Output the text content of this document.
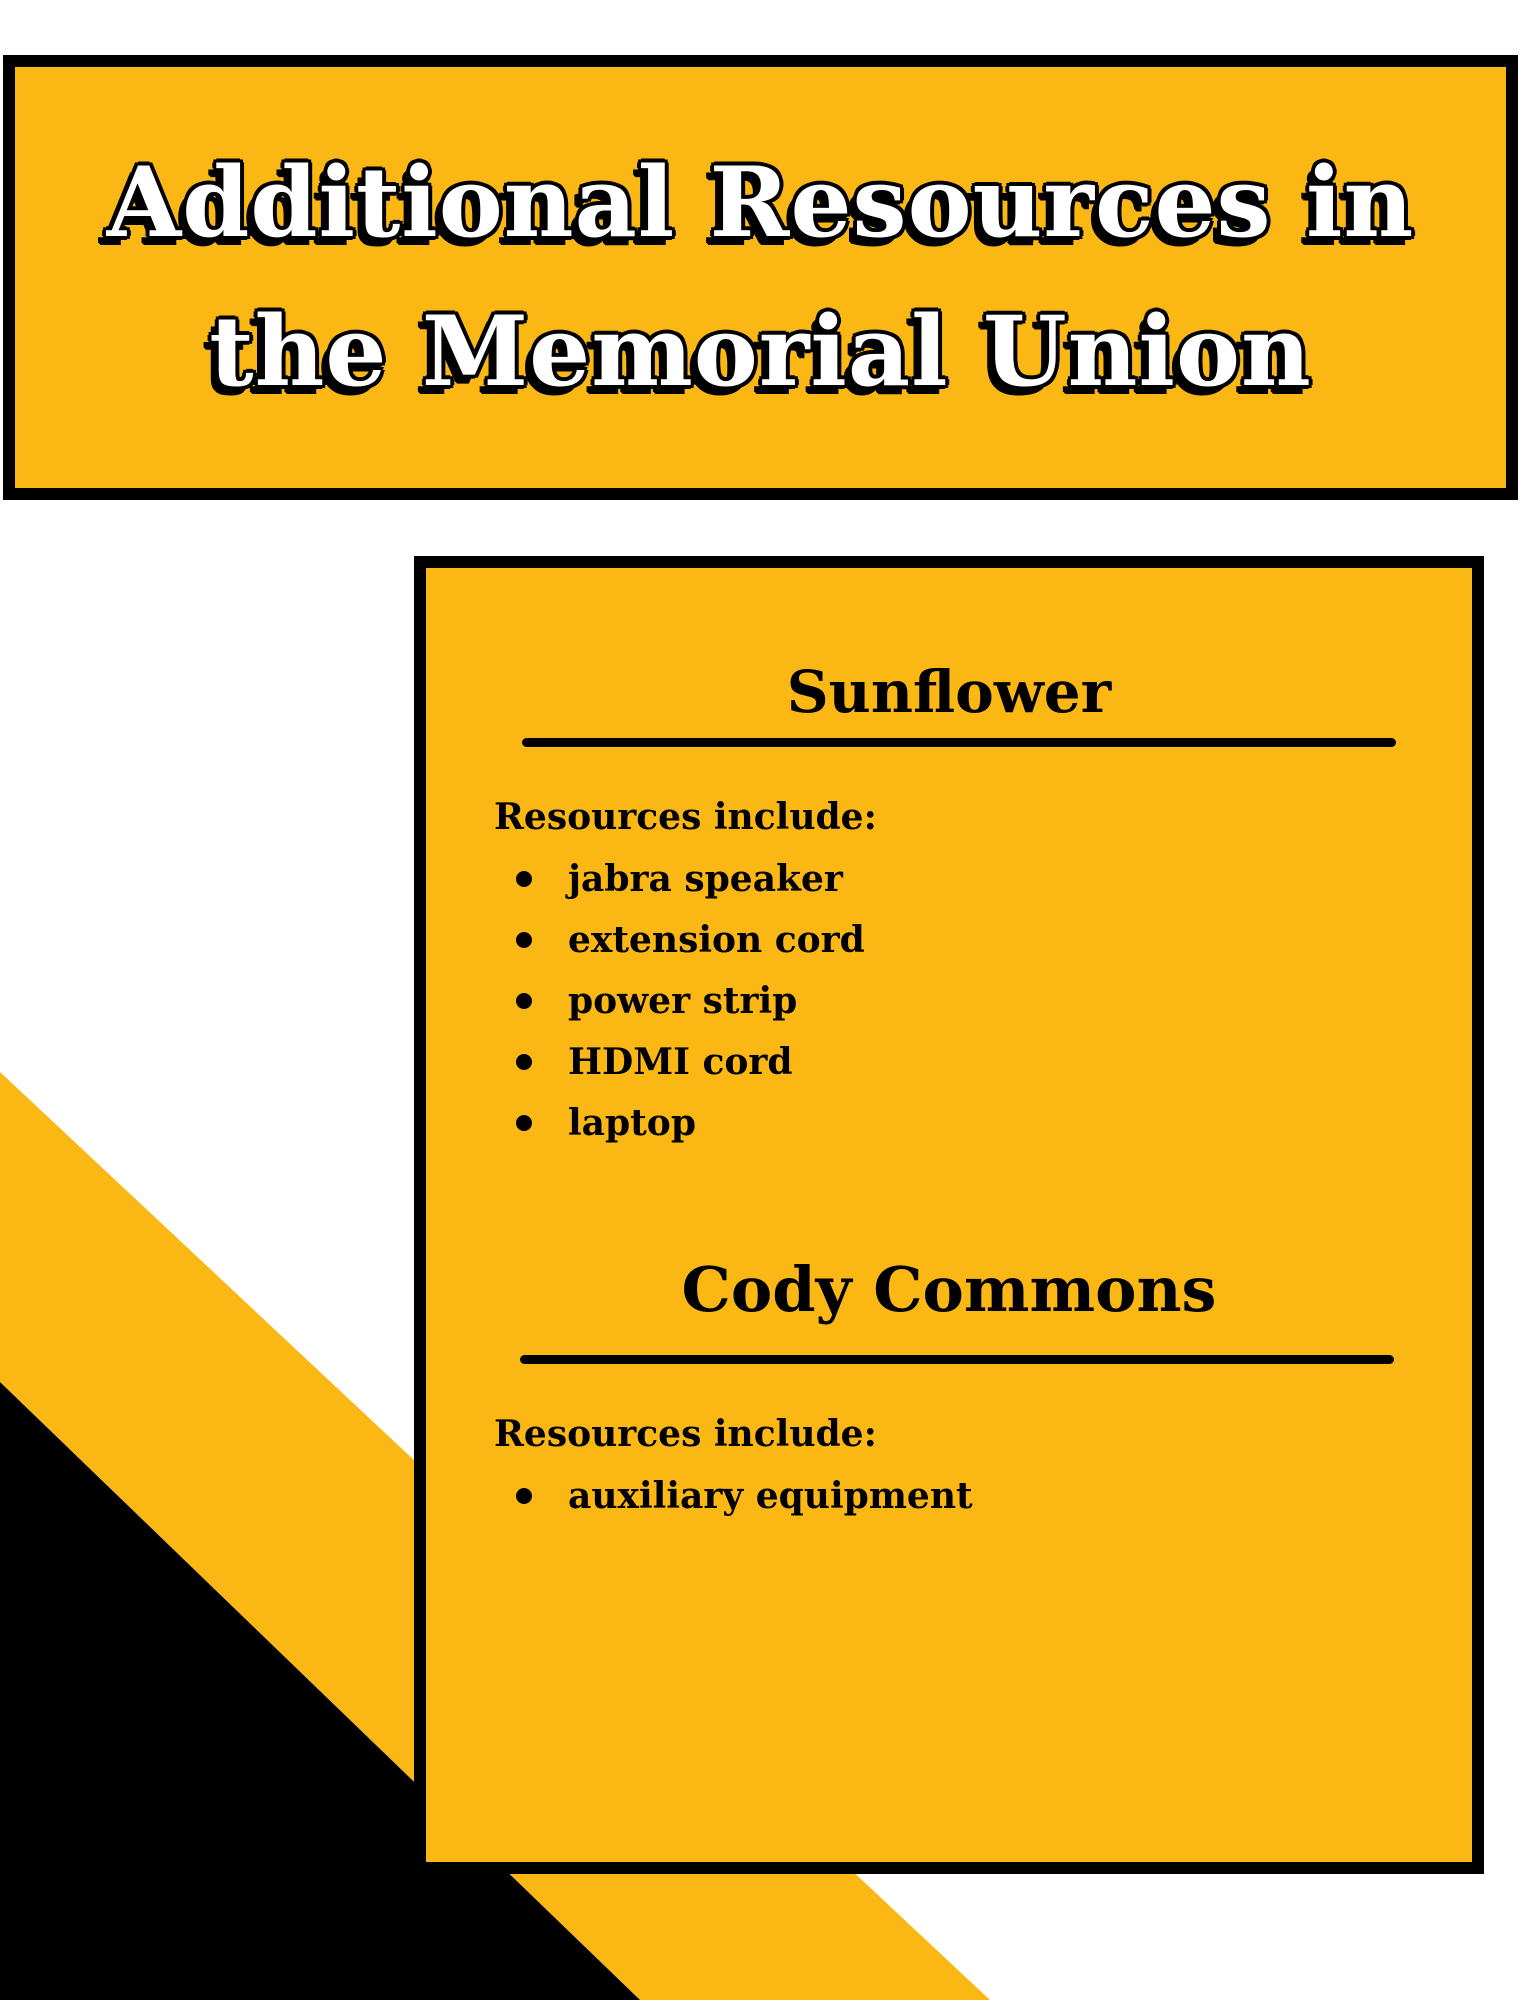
Additional Resources in
the Memorial Union
Sunflower
Resources include:
jabra speaker
extension cord
power strip
HDMI cord
laptop
Cody Commons
Resources include:
auxiliary equipment
